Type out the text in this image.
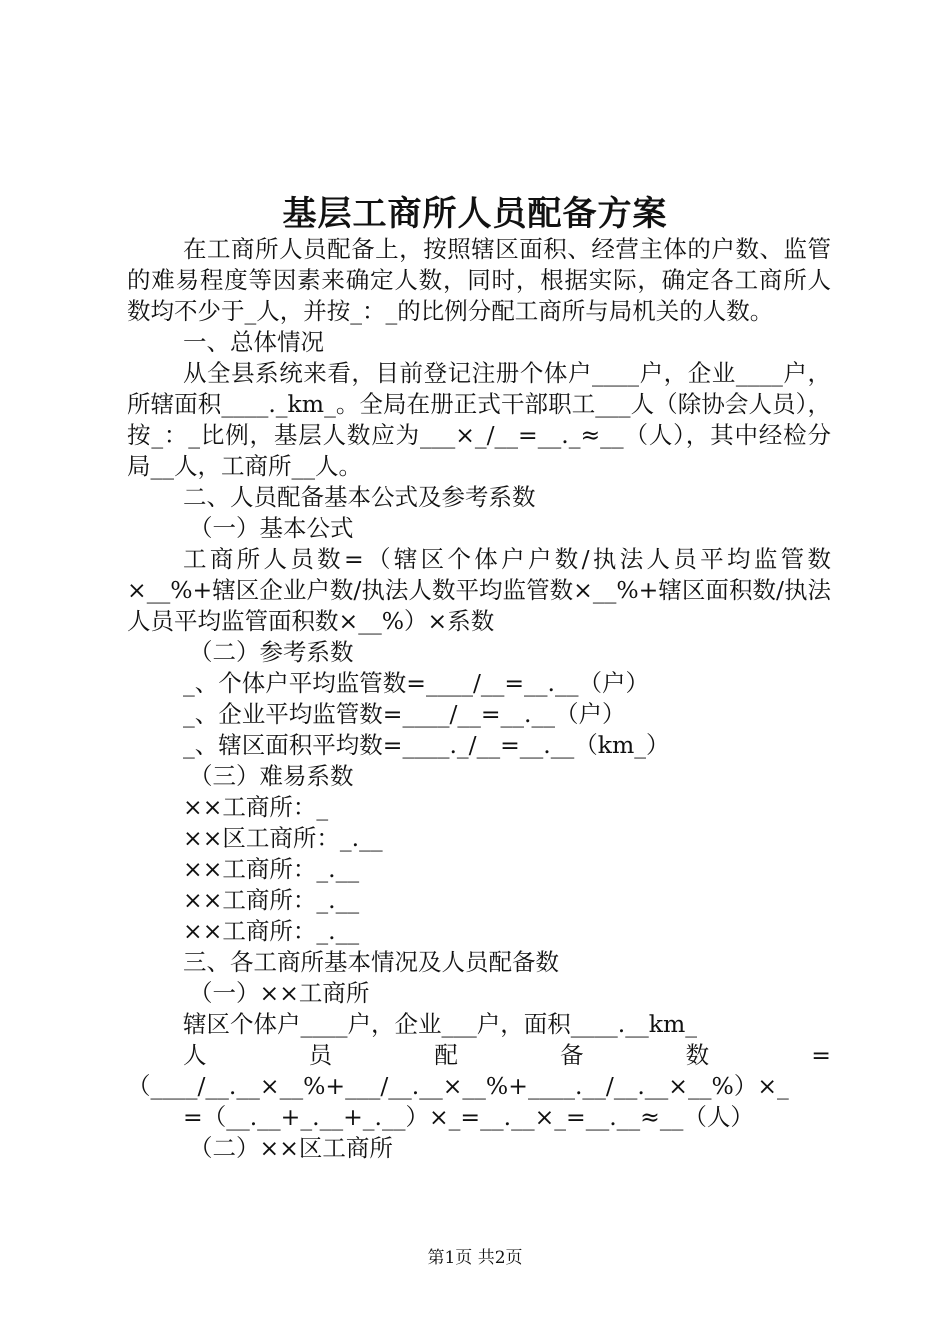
基层工商所人员配备方案

在工商所人员配备上，按照辖区面积、经营主体的户数、监管的难易程度等因素来确定人数，同时，根据实际，确定各工商所人数均不少于_人，并按_：_的比例分配工商所与局机关的人数。

一、总体情况

从全县系统来看，目前登记注册个体户____户，企业____户，所辖面积____._km_。全局在册正式干部职工___人（除协会人员），按_：_比例，基层人数应为___×_/__=__._≈__（人），其中经检分局__人，工商所__人。

二、人员配备基本公式及参考系数

（一）基本公式

工商所人员数=（辖区个体户户数/执法人员平均监管数×__%+辖区企业户数/执法人数平均监管数×__%+辖区面积数/执法人员平均监管面积数×__%）×系数

（二）参考系数

_、个体户平均监管数=____/__=__.__（户）

_、企业平均监管数=____/__=__.__（户）

_、辖区面积平均数=____._/__=__.__（km_）

（三）难易系数

××工商所：_

××区工商所：_.__

××工商所：_.__

××工商所：_.__

××工商所：_.__

三、各工商所基本情况及人员配备数

（一）××工商所

辖区个体户____户，企业___户，面积____.__km_

人员配备数=（____/__.__×__%+___/__.__×__%+____.__/__.__×__%）×_

=（__.__+_.__+_.__）×_=__.__×_=__.__≈__（人）

（二）××区工商所

第1页 共2页
